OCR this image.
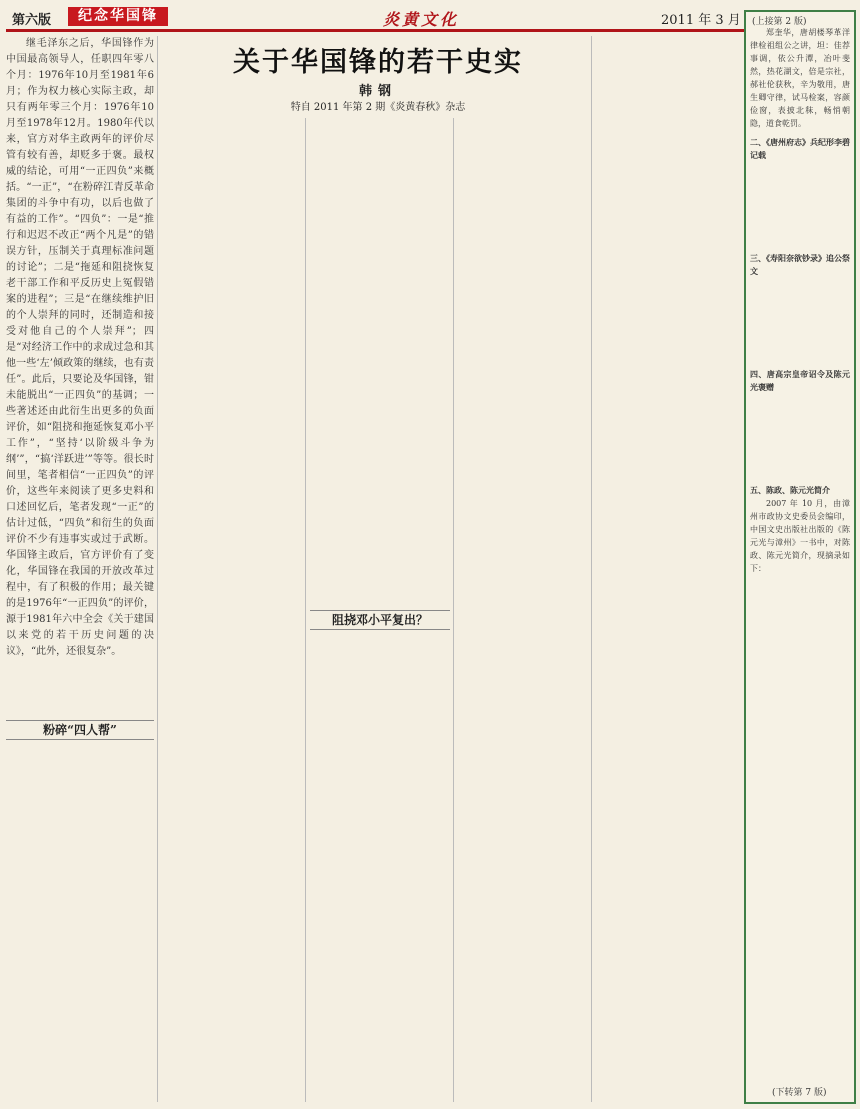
第六版	纪念华国锋	炎黄文化	2011 年 3 月

继毛泽东之后，华国锋作为中国最高领导人，任职四年零八个月：1976年10月至1981年6月；作为权力核心实际主政，却只有两年零三个月：1976年10月至1978年12月。1980年代以来，官方对华主政两年的评价尽管有较有善，却贬多于褒。最权威的结论，可用“一正四负”来概括。“一正”，“在粉碎江青反革命集团的斗争中有功，以后也做了有益的工作”。“四负”：一是“推行和迟迟不改正“两个凡是”的错误方针，压制关于真理标准问题的讨论”；二是“拖延和阻挠恢复老干部工作和平反历史上冤假错案的进程”；三是“在继续维护旧的个人崇拜的同时，还制造和接受对他自己的个人崇拜”；四是“对经济工作中的求成过急和其他一些‘左’倾政策的继续，也有责任”。此后，只要论及华国锋，钳未能脱出“一正四负”的基调；一些著述还由此衍生出更多的负面评价，如“阻挠和拖延恢复邓小平工作”，“坚持‘以阶级斗争为纲’”，“搞‘洋跃进’”等等。很长时间里，笔者相信“一正四负”的评价，这些年来阅读了更多史料和口述回忆后，笔者发现“一正”的估计过低，“四负”和衍生的负面评价不少有违事实或过于武断。华国锋主政后，官方评价有了变化，华国锋在我国的开放改革过程中，有了积极的作用；最关键的是1976年“一正四负”的评价，源于1981年六中全会《关于建国以来党的若干历史问题的决议》，“此外，还很复杂”。

粉碎“四人帮”
关于华国锋的若干史实
韩钢
特自 2011 年第 2 期《炎黄春秋》杂志
阻挠邓小平复出？
(上接第 2 版)

郑奎华，唐胡楼琴革洋律检祖组公之讲，坦：佳荐事调，依公升潭，冶叶斐然，热花湖文，倍是宗社，郝社伦获秋，辛为敬用，唐生卿守律，试马检案，容颜俭窗，表披北秣，畅悄朝隐，道食乾罚。

二、《唐州府志》兵纪形李碧记载

三、《寿阳奈欲钞录》追公祭文

四、唐高宗皇帝诏令及陈元光褒赠

五、陈政、陈元光简介

2007 年 10 月，由漳州市政协文史委员会编印，中国文史出版社出版的《陈元光与漳州》一书中，对陈政、陈元光简介，现摘录如下：

(下转第 7 版)
